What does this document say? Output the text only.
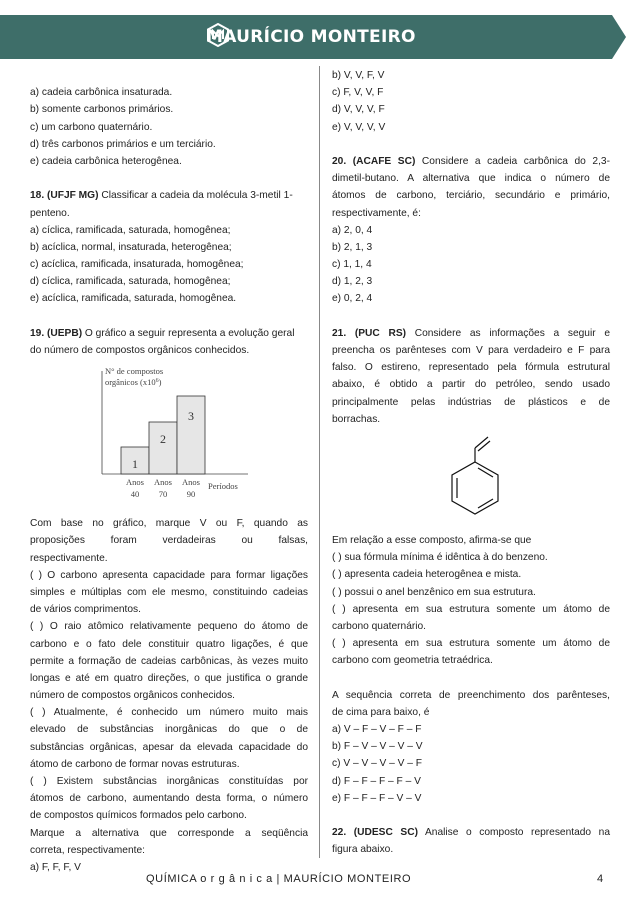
MAURÍCIO MONTEIRO
a) cadeia carbônica insaturada.
b) somente carbonos primários.
c) um carbono quaternário.
d) três carbonos primários e um terciário.
e) cadeia carbônica heterogênea.
18. (UFJF MG) Classificar a cadeia da molécula 3-metil 1-
penteno.
a) cíclica, ramificada, saturada, homogênea;
b) acíclica, normal, insaturada, heterogênea;
c) acíclica, ramificada, insaturada, homogênea;
d) cíclica, ramificada, saturada, homogênea;
e) acíclica, ramificada, saturada, homogênea.
19. (UEPB) O gráfico a seguir representa a evolução geral
do número de compostos orgânicos conhecidos.
N° de compostos
orgânicos $(x10^6)$
1
2
3
Anos
40
Anos
70
Anos
90
Períodos
Com base no gráfico, marque V ou F, quando as
proposições foram verdadeiras ou falsas,
respectivamente.
( ) O carbono apresenta capacidade para formar ligações
simples e múltiplas com ele mesmo, constituindo cadeias
de vários comprimentos.
( ) O raio atômico relativamente pequeno do átomo de
carbono e o fato dele constituir quatro ligações, é que
permite a formação de cadeias carbônicas, às vezes muito
longas e até em quatro direções, o que justifica o grande
número de compostos orgânicos conhecidos.
( ) Atualmente, é conhecido um número muito mais
elevado de substâncias inorgânicas do que o de
substâncias orgânicas, apesar da elevada capacidade do
átomo de carbono de formar novas estruturas.
( ) Existem substâncias inorgânicas constituídas por
átomos de carbono, aumentando desta forma, o número
de compostos químicos formados pelo carbono.
Marque a alternativa que corresponde a seqüência
correta, respectivamente:
a) F, F, F, V
b) V, V, F, V
c) F, V, V, F
d) V, V, V, F
e) V, V, V, V
20. (ACAFE SC) Considere a cadeia carbônica do 2,3-
dimetil-butano. A alternativa que indica o número de
átomos de carbono, terciário, secundário e primário,
respectivamente, é:
a) 2, 0, 4
b) 2, 1, 3
c) 1, 1, 4
d) 1, 2, 3
e) 0, 2, 4
21. (PUC RS) Considere as informações a seguir e
preencha os parênteses com V para verdadeiro e F para
falso. O estireno, representado pela fórmula estrutural
abaixo, é obtido a partir do petróleo, sendo usado
principalmente pelas indústrias de plásticos e de
borrachas.
Em relação a esse composto, afirma-se que
( ) sua fórmula mínima é idêntica à do benzeno.
( ) apresenta cadeia heterogênea e mista.
( ) possui o anel benzênico em sua estrutura.
( ) apresenta em sua estrutura somente um átomo de
carbono quaternário.
( ) apresenta em sua estrutura somente um átomo de
carbono com geometria tetraédrica.
A sequência correta de preenchimento dos parênteses,
de cima para baixo, é
a) V – F – V – F – F
b) F – V – V – V – V
c) V – V – V – V – F
d) F – F – F – F – V
e) F – F – F – V – V
22. (UDESC SC) Analise o composto representado na
figura abaixo.
QUÍMICA o r g â n i c a | MAURÍCIO MONTEIRO	4
